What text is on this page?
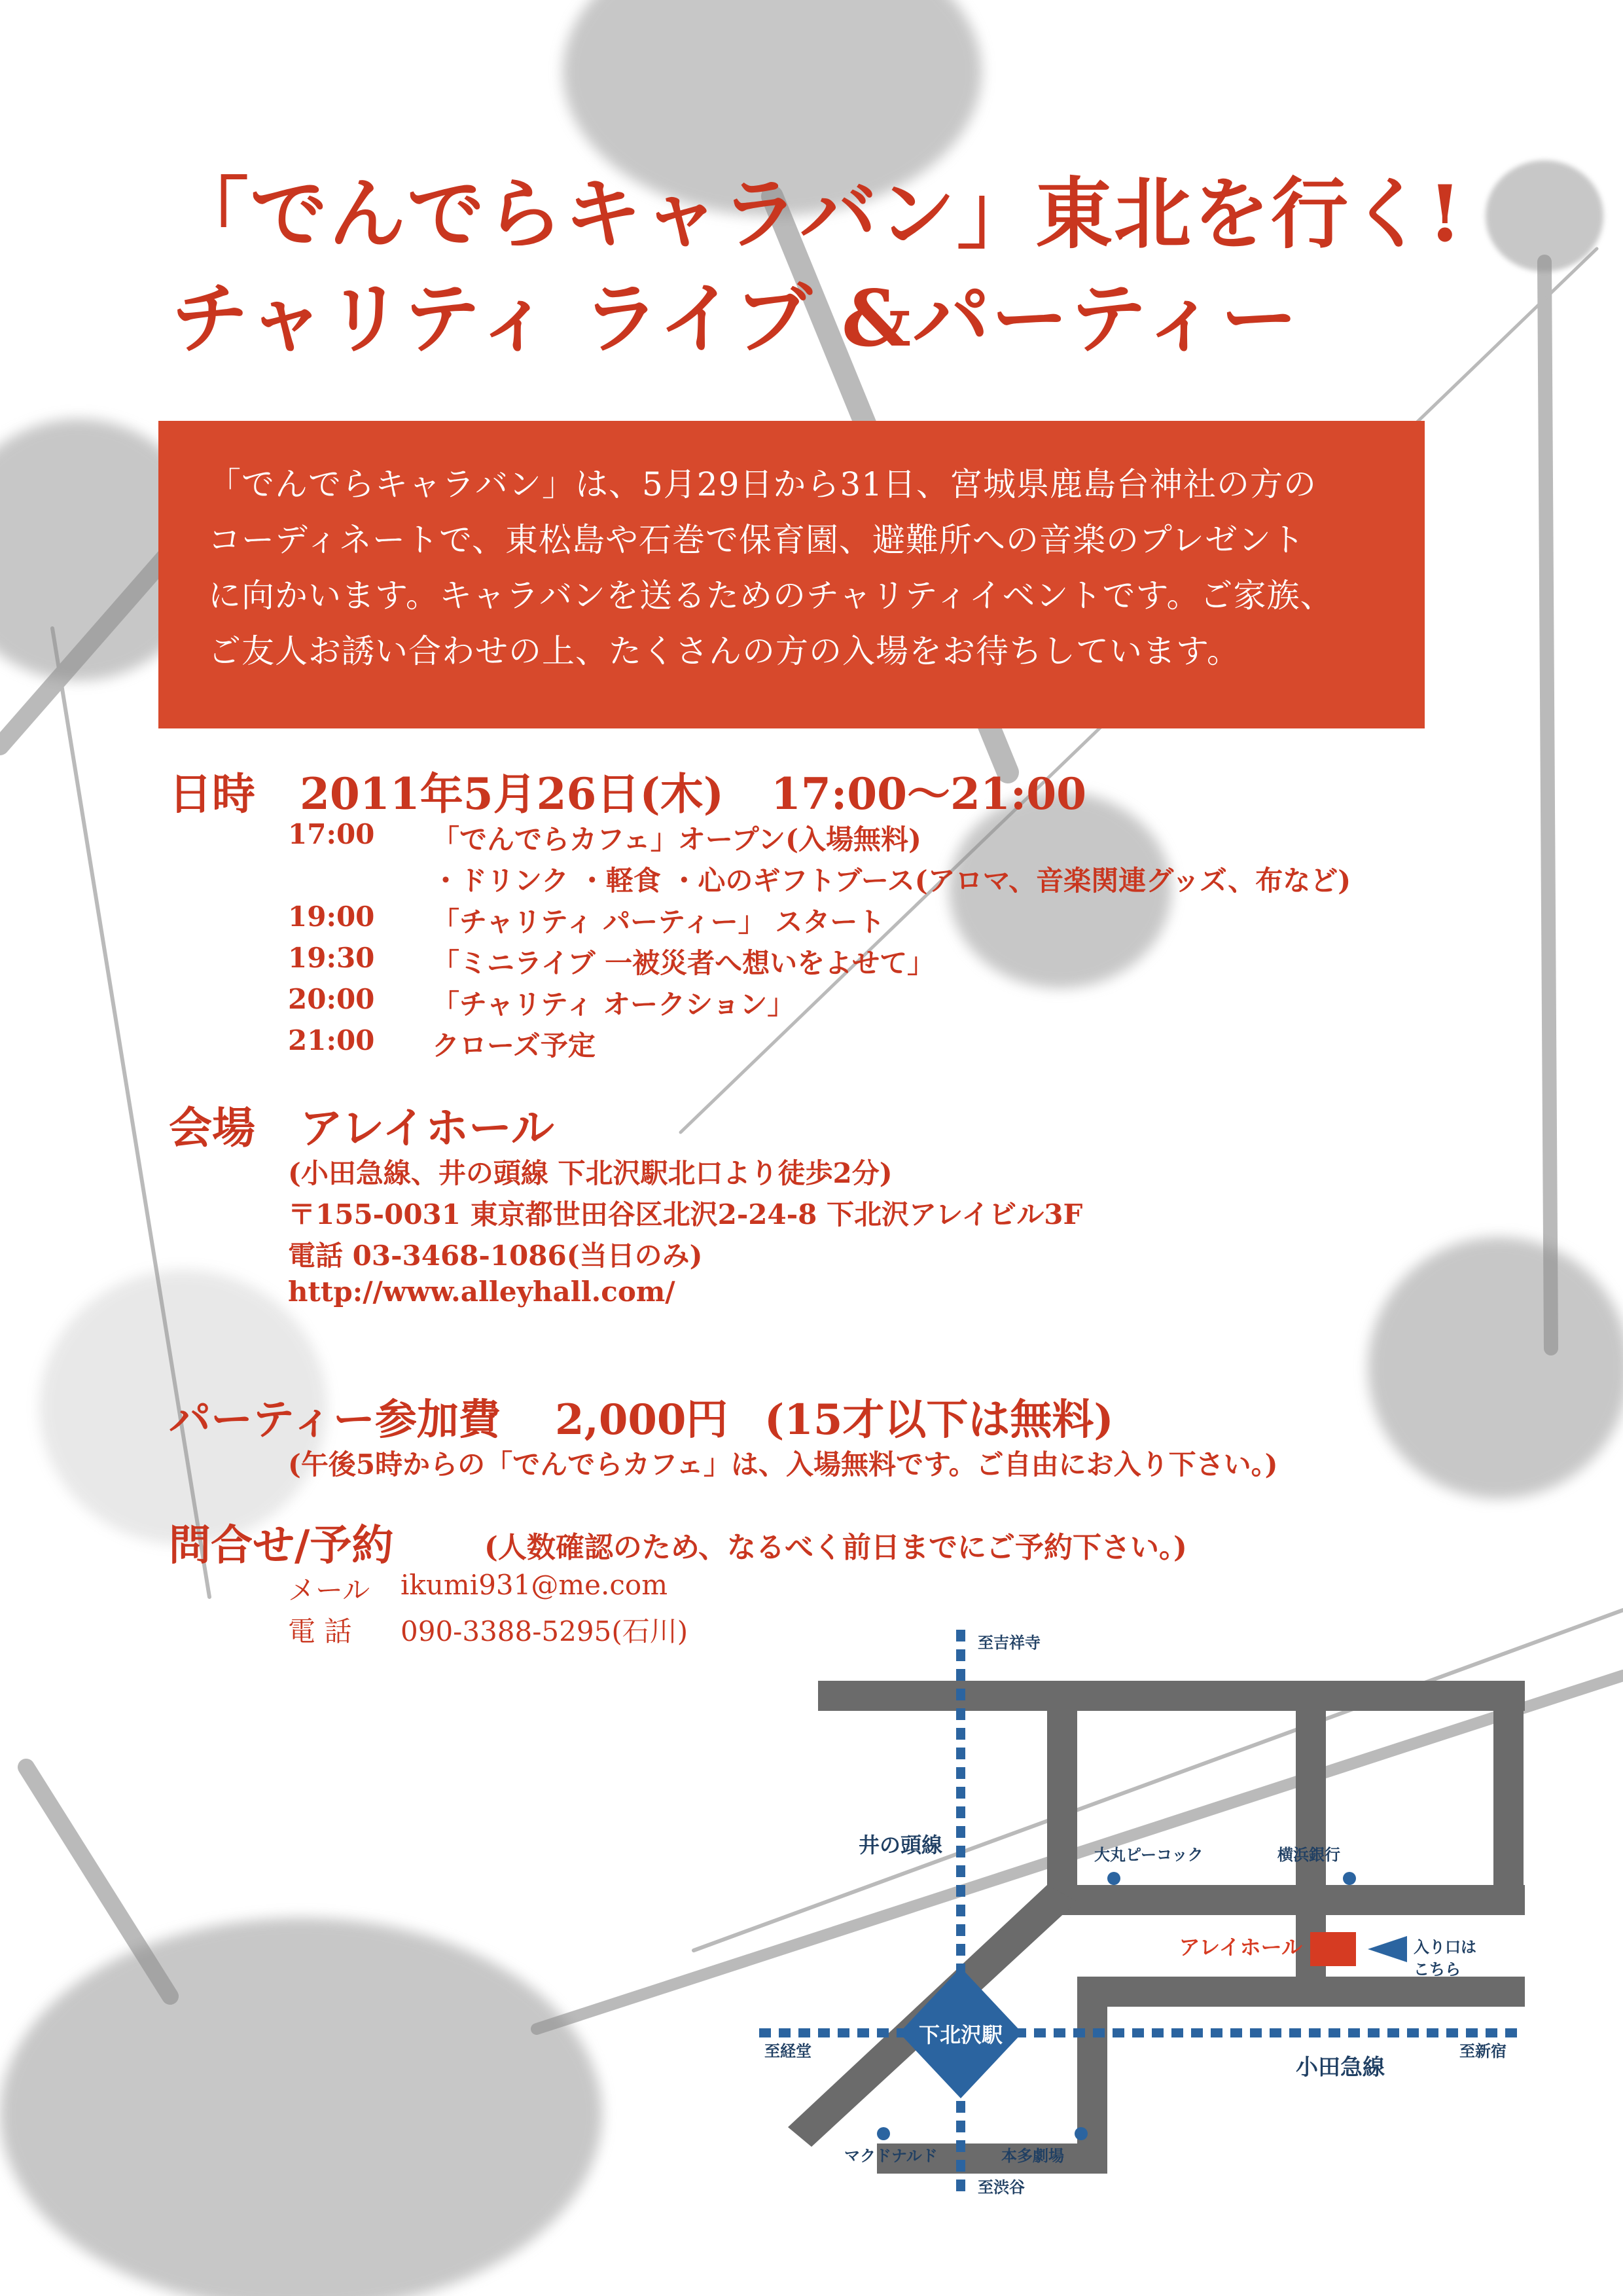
「でんでらキャラバン」東北を行く!
チャリティ ライブ &パーティー
「でんでらキャラバン」は、5月29日から31日、宮城県鹿島台神社の方の
コーディネートで、東松島や石巻で保育園、避難所への音楽のプレゼント
に向かいます。キャラバンを送るためのチャリティイベントです。ご家族、
ご友人お誘い合わせの上、たくさんの方の入場をお待ちしています。
日時 2011年5月26日(木) 17:00〜21:00
17:00 「でんでらカフェ」オープン(入場無料)
・ドリンク ・軽食 ・心のギフトブース(アロマ、音楽関連グッズ、布など)
19:00 「チャリティ パーティー」 スタート
19:30 「ミニライブ 一被災者へ想いをよせて」
20:00 「チャリティ オークション」
21:00 クローズ予定
会場 アレイホール
(小田急線、井の頭線 下北沢駅北口より徒歩2分)
〒155-0031 東京都世田谷区北沢2-24-8 下北沢アレイビル3F
電話 03-3468-1086(当日のみ)
http://www.alleyhall.com/
パーティー参加費 2,000円 (15才以下は無料)
(午後5時からの「でんでらカフェ」は、入場無料です。ご自由にお入り下さい。)
問合せ/予約	(人数確認のため、なるべく前日までにご予約下さい。)
メール ikumi931@me.com
電 話 090-3388-5295(石川)
下北沢駅
アレイホール	入り口は
こちら
至吉祥寺
井の頭線	大丸ピーコック	横浜銀行
至経堂
小田急線
至新宿
マクドナルド	本多劇場
至渋谷
